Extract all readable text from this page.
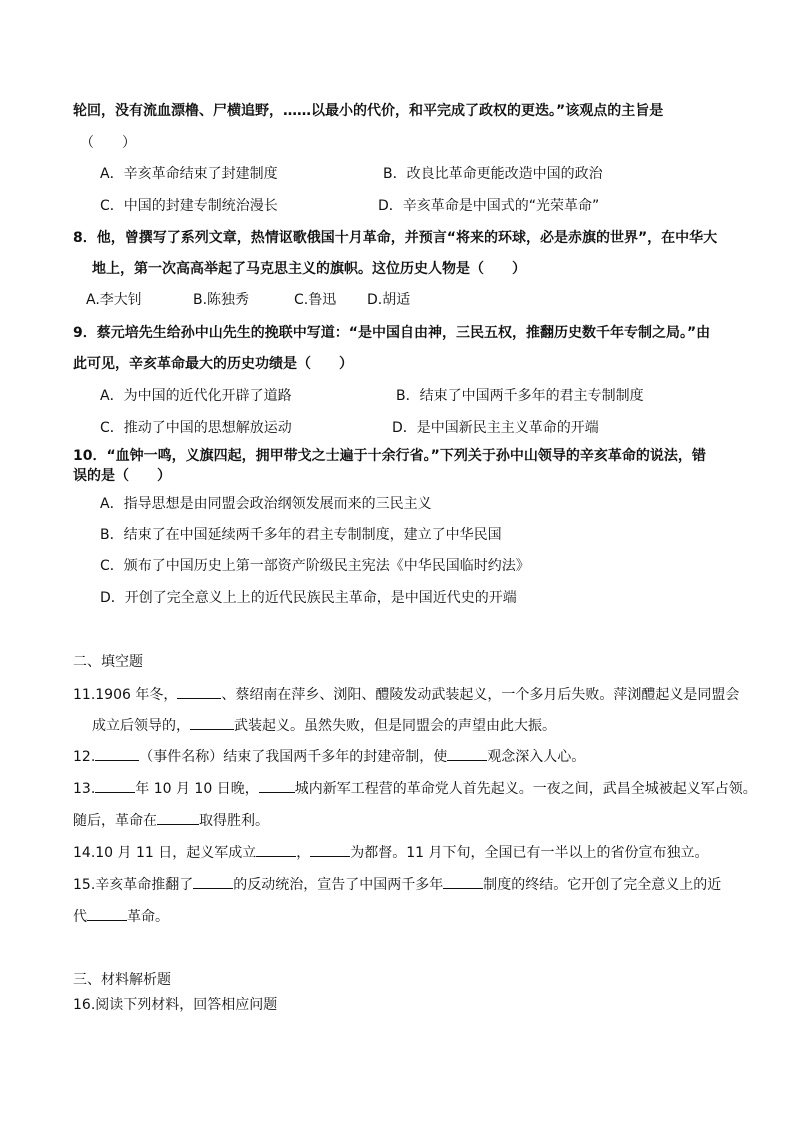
轮回，没有流血漂橹、尸横追野，……以最小的代价，和平完成了政权的更迭。”该观点的主旨是
（　　）
A．辛亥革命结束了封建制度	B．改良比革命更能改造中国的政治
C．中国的封建专制统治漫长	D．辛亥革命是中国式的“光荣革命”
8．他，曾撰写了系列文章，热情讴歌俄国十月革命，并预言“将来的环球，必是赤旗的世界”，在中华大
地上，第一次高高举起了马克思主义的旗帜。这位历史人物是（　　）
A.李大钊	B.陈独秀	C.鲁迅 D.胡适
9．蔡元培先生给孙中山先生的挽联中写道：“是中国自由神，三民五权，推翻历史数千年专制之局。”由
此可见，辛亥革命最大的历史功绩是（　　）
A．为中国的近代化开辟了道路	B．结束了中国两千多年的君主专制制度
C．推动了中国的思想解放运动	D．是中国新民主主义革命的开端
10．“血钟一鸣，义旗四起，拥甲带戈之士遍于十余行省。”下列关于孙中山领导的辛亥革命的说法，错
误的是（　　）
A．指导思想是由同盟会政治纲领发展而来的三民主义
B．结束了在中国延续两千多年的君主专制制度，建立了中华民国
C．颁布了中国历史上第一部资产阶级民主宪法《中华民国临时约法》
D．开创了完全意义上上的近代民族民主革命，是中国近代史的开端
二、填空题
11.1906 年冬，	、蔡绍南在萍乡、浏阳、醴陵发动武装起义，一个多月后失败。萍浏醴起义是同盟会
成立后领导的，	武装起义。虽然失败，但是同盟会的声望由此大振。
12.	（事件名称）结束了我国两千多年的封建帝制，使	观念深入人心。
13.	年 10 月 10 日晚，	城内新军工程营的革命党人首先起义。一夜之间，武昌全城被起义军占领。
随后，革命在	取得胜利。
14.10 月 11 日，起义军成立	，	为都督。11 月下旬，全国已有一半以上的省份宣布独立。
15.辛亥革命推翻了	的反动统治，宣告了中国两千多年	制度的终结。它开创了完全意义上的近
代	革命。
三、材料解析题
16.阅读下列材料，回答相应问题
